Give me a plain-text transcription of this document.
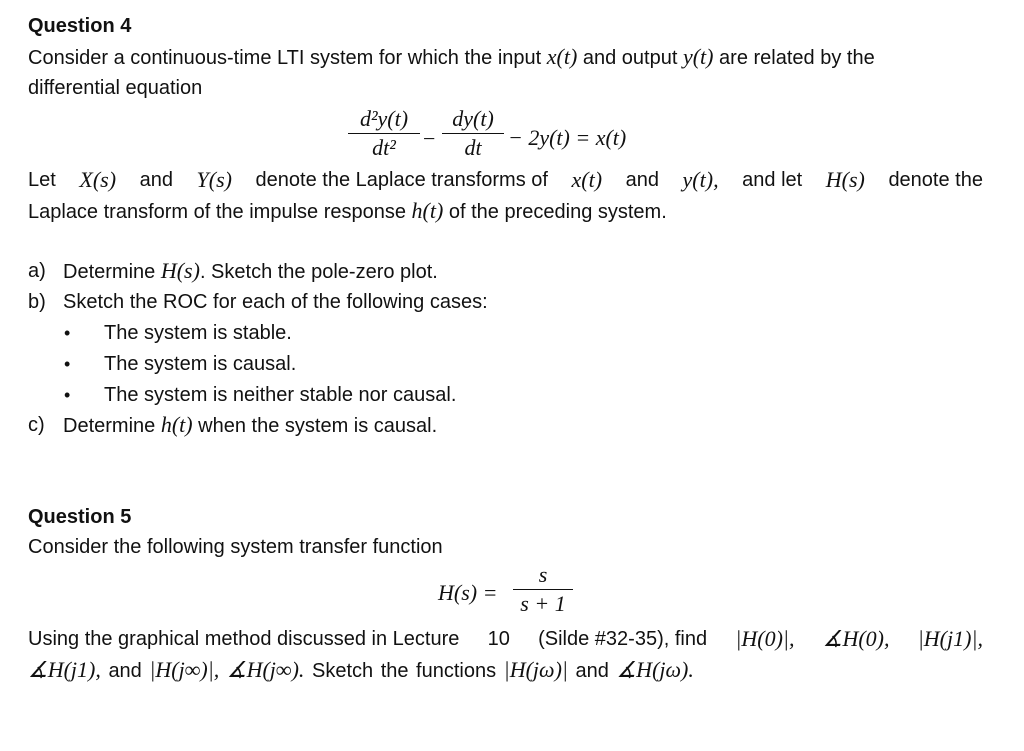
Question 4
Consider a continuous-time LTI system for which the input x(t) and output y(t) are related by the
differential equation
d²y(t)
dt²	−
dy(t)
dt	− 2y(t) = x(t)
Let X(s) and Y(s) denote the Laplace transforms of x(t) and y(t), and let H(s) denote the
Laplace transform of the impulse response h(t) of the preceding system.
a) Determine H(s). Sketch the pole-zero plot.
b) Sketch the ROC for each of the following cases:
• The system is stable.
• The system is causal.
• The system is neither stable nor causal.
c) Determine h(t) when the system is causal.
Question 5
Consider the following system transfer function
H(s) =
s
s + 1
Using the graphical method discussed in Lecture 10 (Silde #32-35), find |H(0)|, ∡H(0), |H(j1)|,
∡H(j1), and |H(j∞)|, ∡H(j∞). Sketch the functions |H(jω)| and ∡H(jω).
